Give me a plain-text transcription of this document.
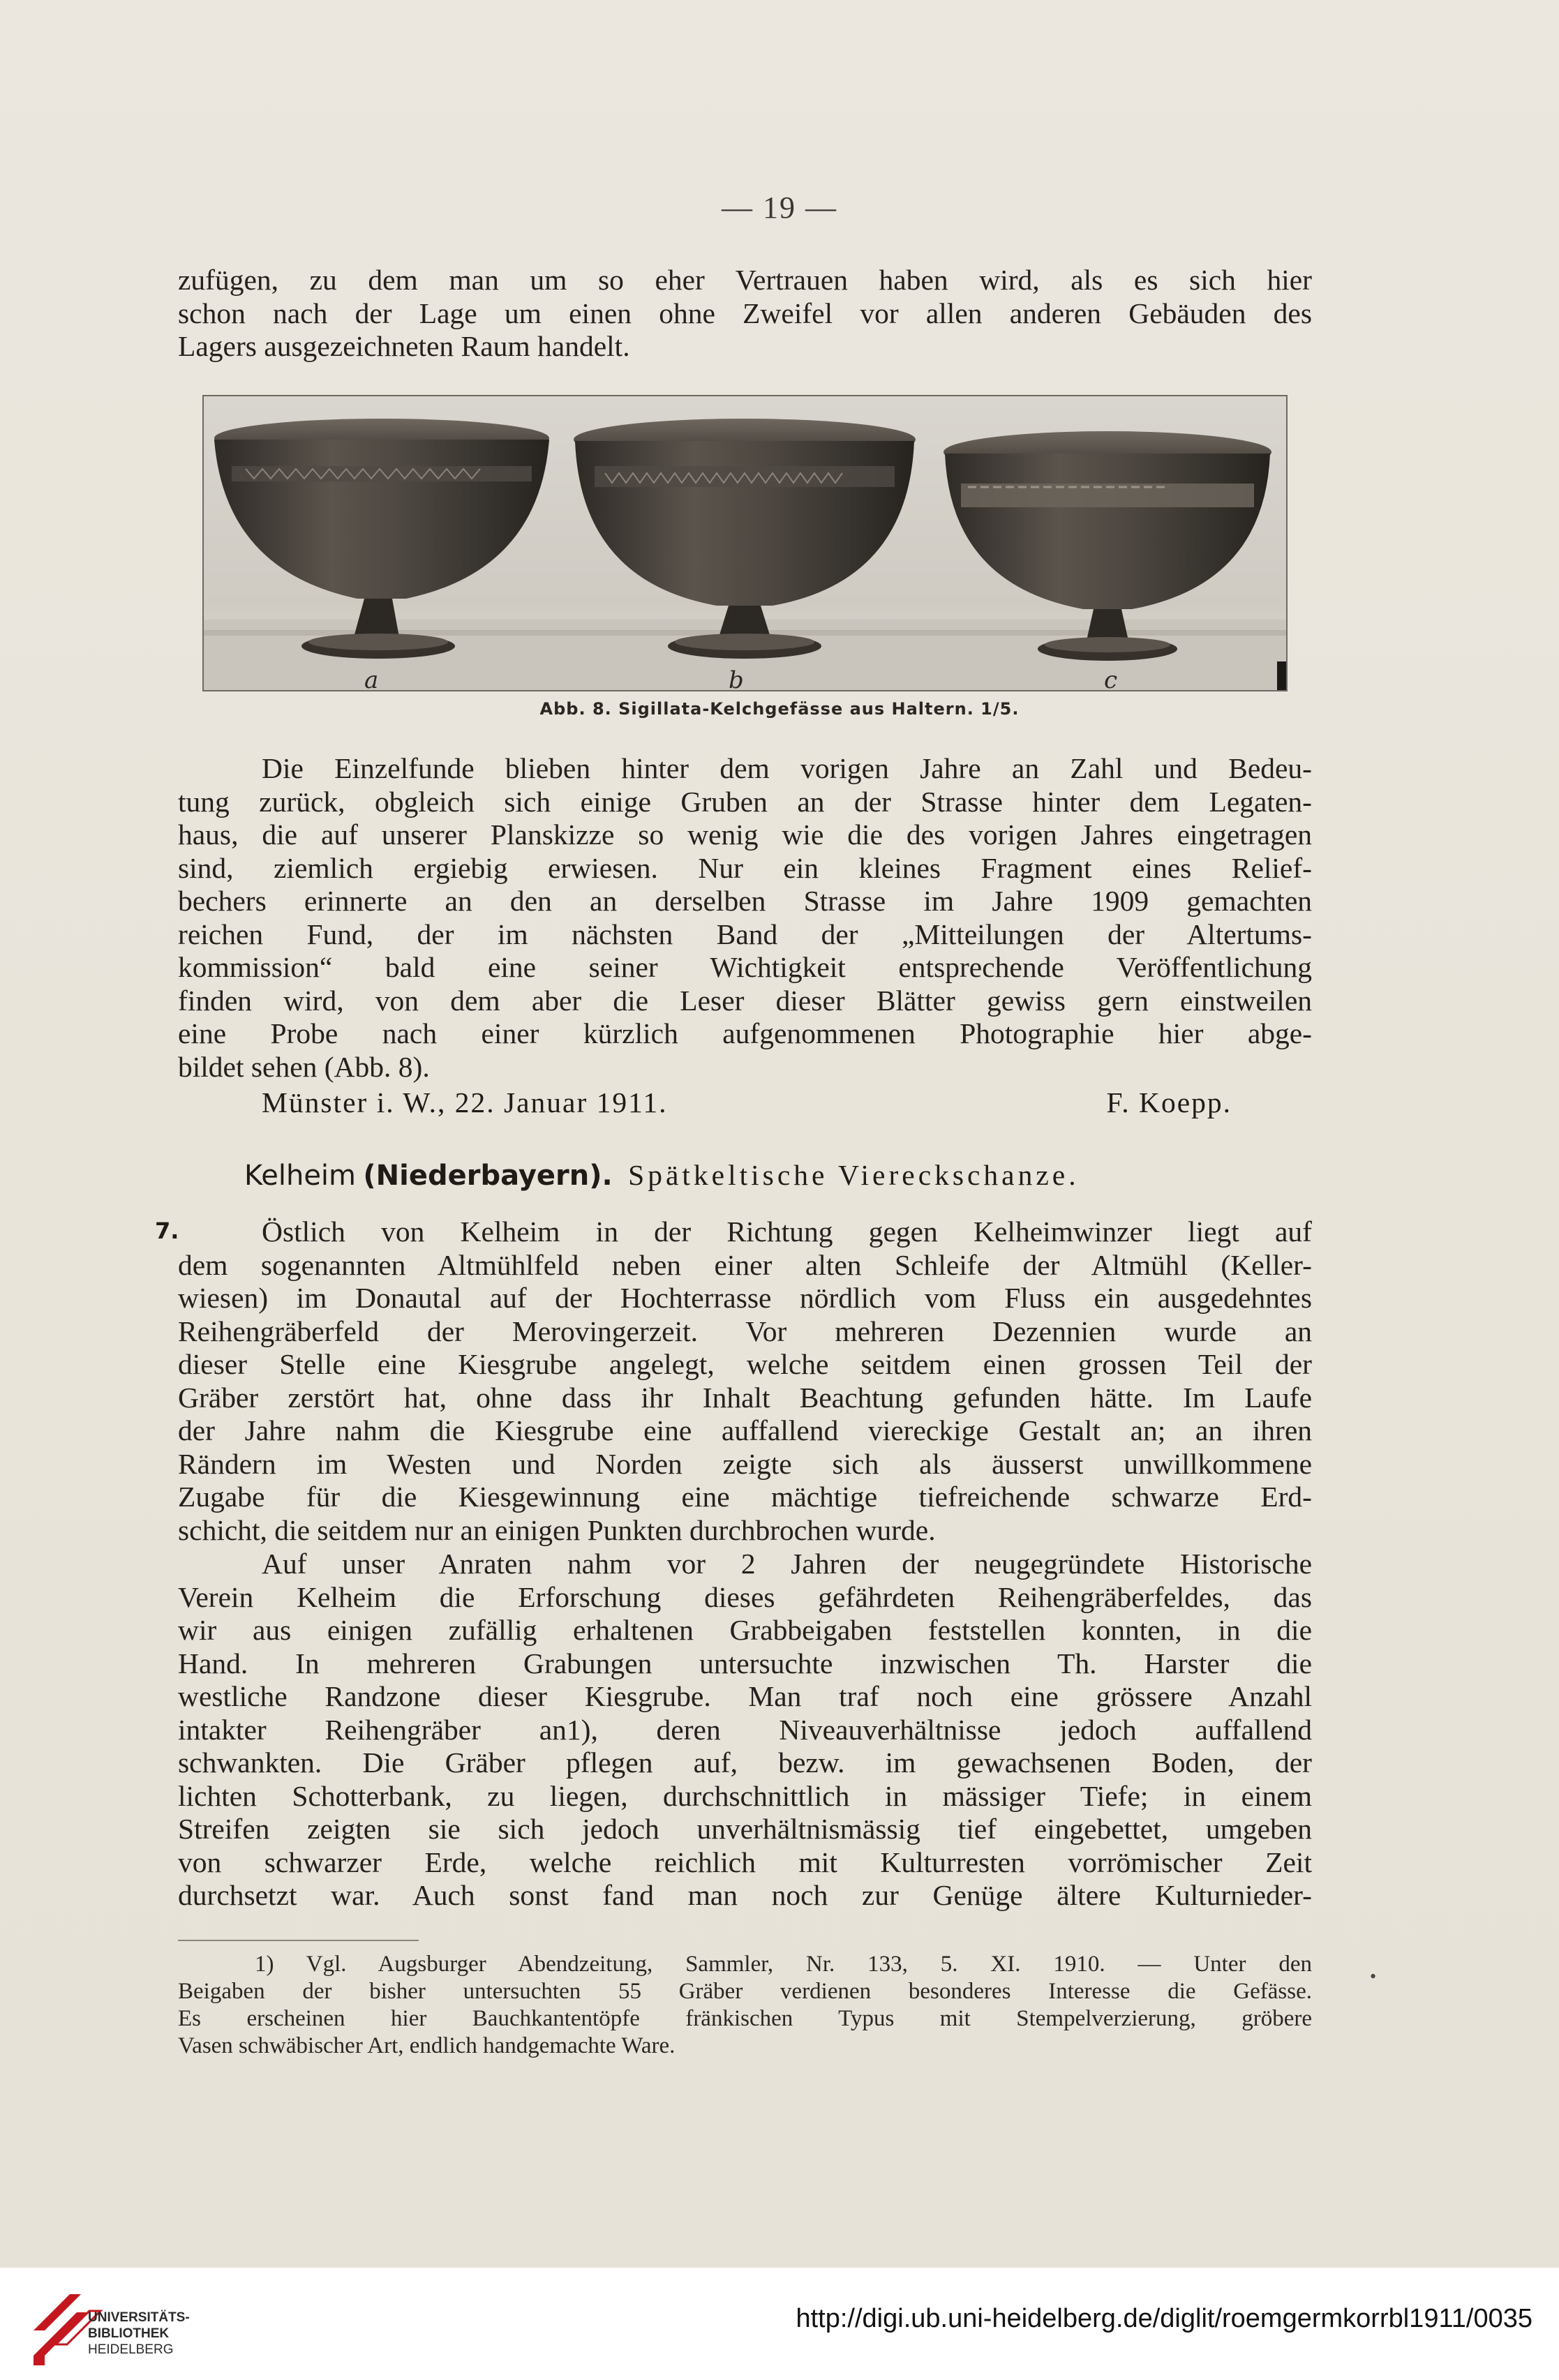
— 19 —
zufügen, zu dem man um so eher Vertrauen haben wird, als es sich hier
schon nach der Lage um einen ohne Zweifel vor allen anderen Gebäuden des
Lagers ausgezeichneten Raum handelt.
a	b	c
Abb. 8. Sigillata-Kelchgefässe aus Haltern. 1/5.
Die Einzelfunde blieben hinter dem vorigen Jahre an Zahl und Bedeu-
tung zurück, obgleich sich einige Gruben an der Strasse hinter dem Legaten-
haus, die auf unserer Planskizze so wenig wie die des vorigen Jahres eingetragen
sind, ziemlich ergiebig erwiesen. Nur ein kleines Fragment eines Relief-
bechers erinnerte an den an derselben Strasse im Jahre 1909 gemachten
reichen Fund, der im nächsten Band der „Mitteilungen der Altertums-
kommission“ bald eine seiner Wichtigkeit entsprechende Veröffentlichung
finden wird, von dem aber die Leser dieser Blätter gewiss gern einstweilen
eine Probe nach einer kürzlich aufgenommenen Photographie hier abge-
bildet sehen (Abb. 8).
Münster i. W., 22. Januar 1911.	F. Koepp.
Kelheim (Niederbayern). Spätkeltische Viereckschanze.
7.	Östlich von Kelheim in der Richtung gegen Kelheimwinzer liegt auf
dem sogenannten Altmühlfeld neben einer alten Schleife der Altmühl (Keller-
wiesen) im Donautal auf der Hochterrasse nördlich vom Fluss ein ausgedehntes
Reihengräberfeld der Merovingerzeit. Vor mehreren Dezennien wurde an
dieser Stelle eine Kiesgrube angelegt, welche seitdem einen grossen Teil der
Gräber zerstört hat, ohne dass ihr Inhalt Beachtung gefunden hätte. Im Laufe
der Jahre nahm die Kiesgrube eine auffallend viereckige Gestalt an; an ihren
Rändern im Westen und Norden zeigte sich als äusserst unwillkommene
Zugabe für die Kiesgewinnung eine mächtige tiefreichende schwarze Erd-
schicht, die seitdem nur an einigen Punkten durchbrochen wurde.
Auf unser Anraten nahm vor 2 Jahren der neugegründete Historische
Verein Kelheim die Erforschung dieses gefährdeten Reihengräberfeldes, das
wir aus einigen zufällig erhaltenen Grabbeigaben feststellen konnten, in die
Hand. In mehreren Grabungen untersuchte inzwischen Th. Harster die
westliche Randzone dieser Kiesgrube. Man traf noch eine grössere Anzahl
intakter Reihengräber an1), deren Niveauverhältnisse jedoch auffallend
schwankten. Die Gräber pflegen auf, bezw. im gewachsenen Boden, der
lichten Schotterbank, zu liegen, durchschnittlich in mässiger Tiefe; in einem
Streifen zeigten sie sich jedoch unverhältnismässig tief eingebettet, umgeben
von schwarzer Erde, welche reichlich mit Kulturresten vorrömischer Zeit
durchsetzt war. Auch sonst fand man noch zur Genüge ältere Kulturnieder-
1) Vgl. Augsburger Abendzeitung, Sammler, Nr. 133, 5. XI. 1910. — Unter den
Beigaben der bisher untersuchten 55 Gräber verdienen besonderes Interesse die Gefässe.
Es erscheinen hier Bauchkantentöpfe fränkischen Typus mit Stempelverzierung, gröbere
Vasen schwäbischer Art, endlich handgemachte Ware.
•
UNIVERSITÄTS-
BIBLIOTHEK
HEIDELBERG
http://digi.ub.uni-heidelberg.de/diglit/roemgermkorrbl1911/0035
